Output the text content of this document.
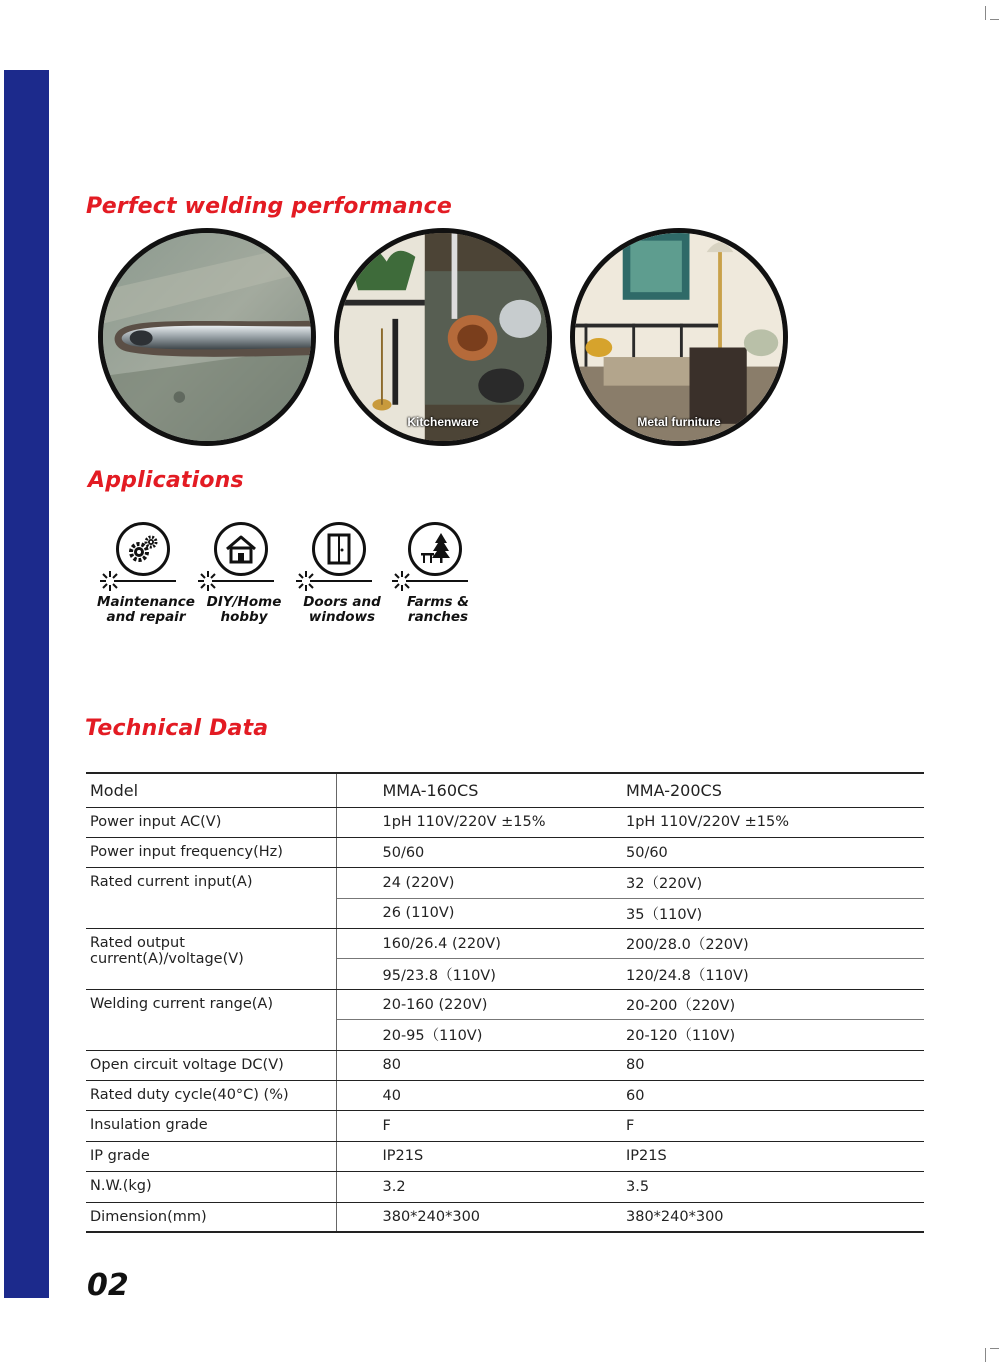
Perfect welding performance
Kitchenware	Metal furniture
Applications
Maintenance
and repair
DIY/Home
hobby
Doors and
windows
Farms &
ranches
Technical Data
Model	MMA-160CS	MMA-200CS
Power input AC(V)	1pH 110V/220V ±15%	1pH 110V/220V ±15%
Power input frequency(Hz)	50/60	50/60
Rated current input(A)	24 (220V)	32（220V)
	26 (110V)	35（110V)
Rated output current(A)/voltage(V)	160/26.4 (220V)	200/28.0（220V)
	95/23.8（110V)	120/24.8（110V)
Welding current range(A)	20-160 (220V)	20-200（220V)
	20-95（110V)	20-120（110V)
Open circuit voltage DC(V)	80	80
Rated duty cycle(40°C) (%)	40	60
Insulation grade	F	F
IP grade	IP21S	IP21S
N.W.(kg)	3.2	3.5
Dimension(mm)	380*240*300	380*240*300
02
